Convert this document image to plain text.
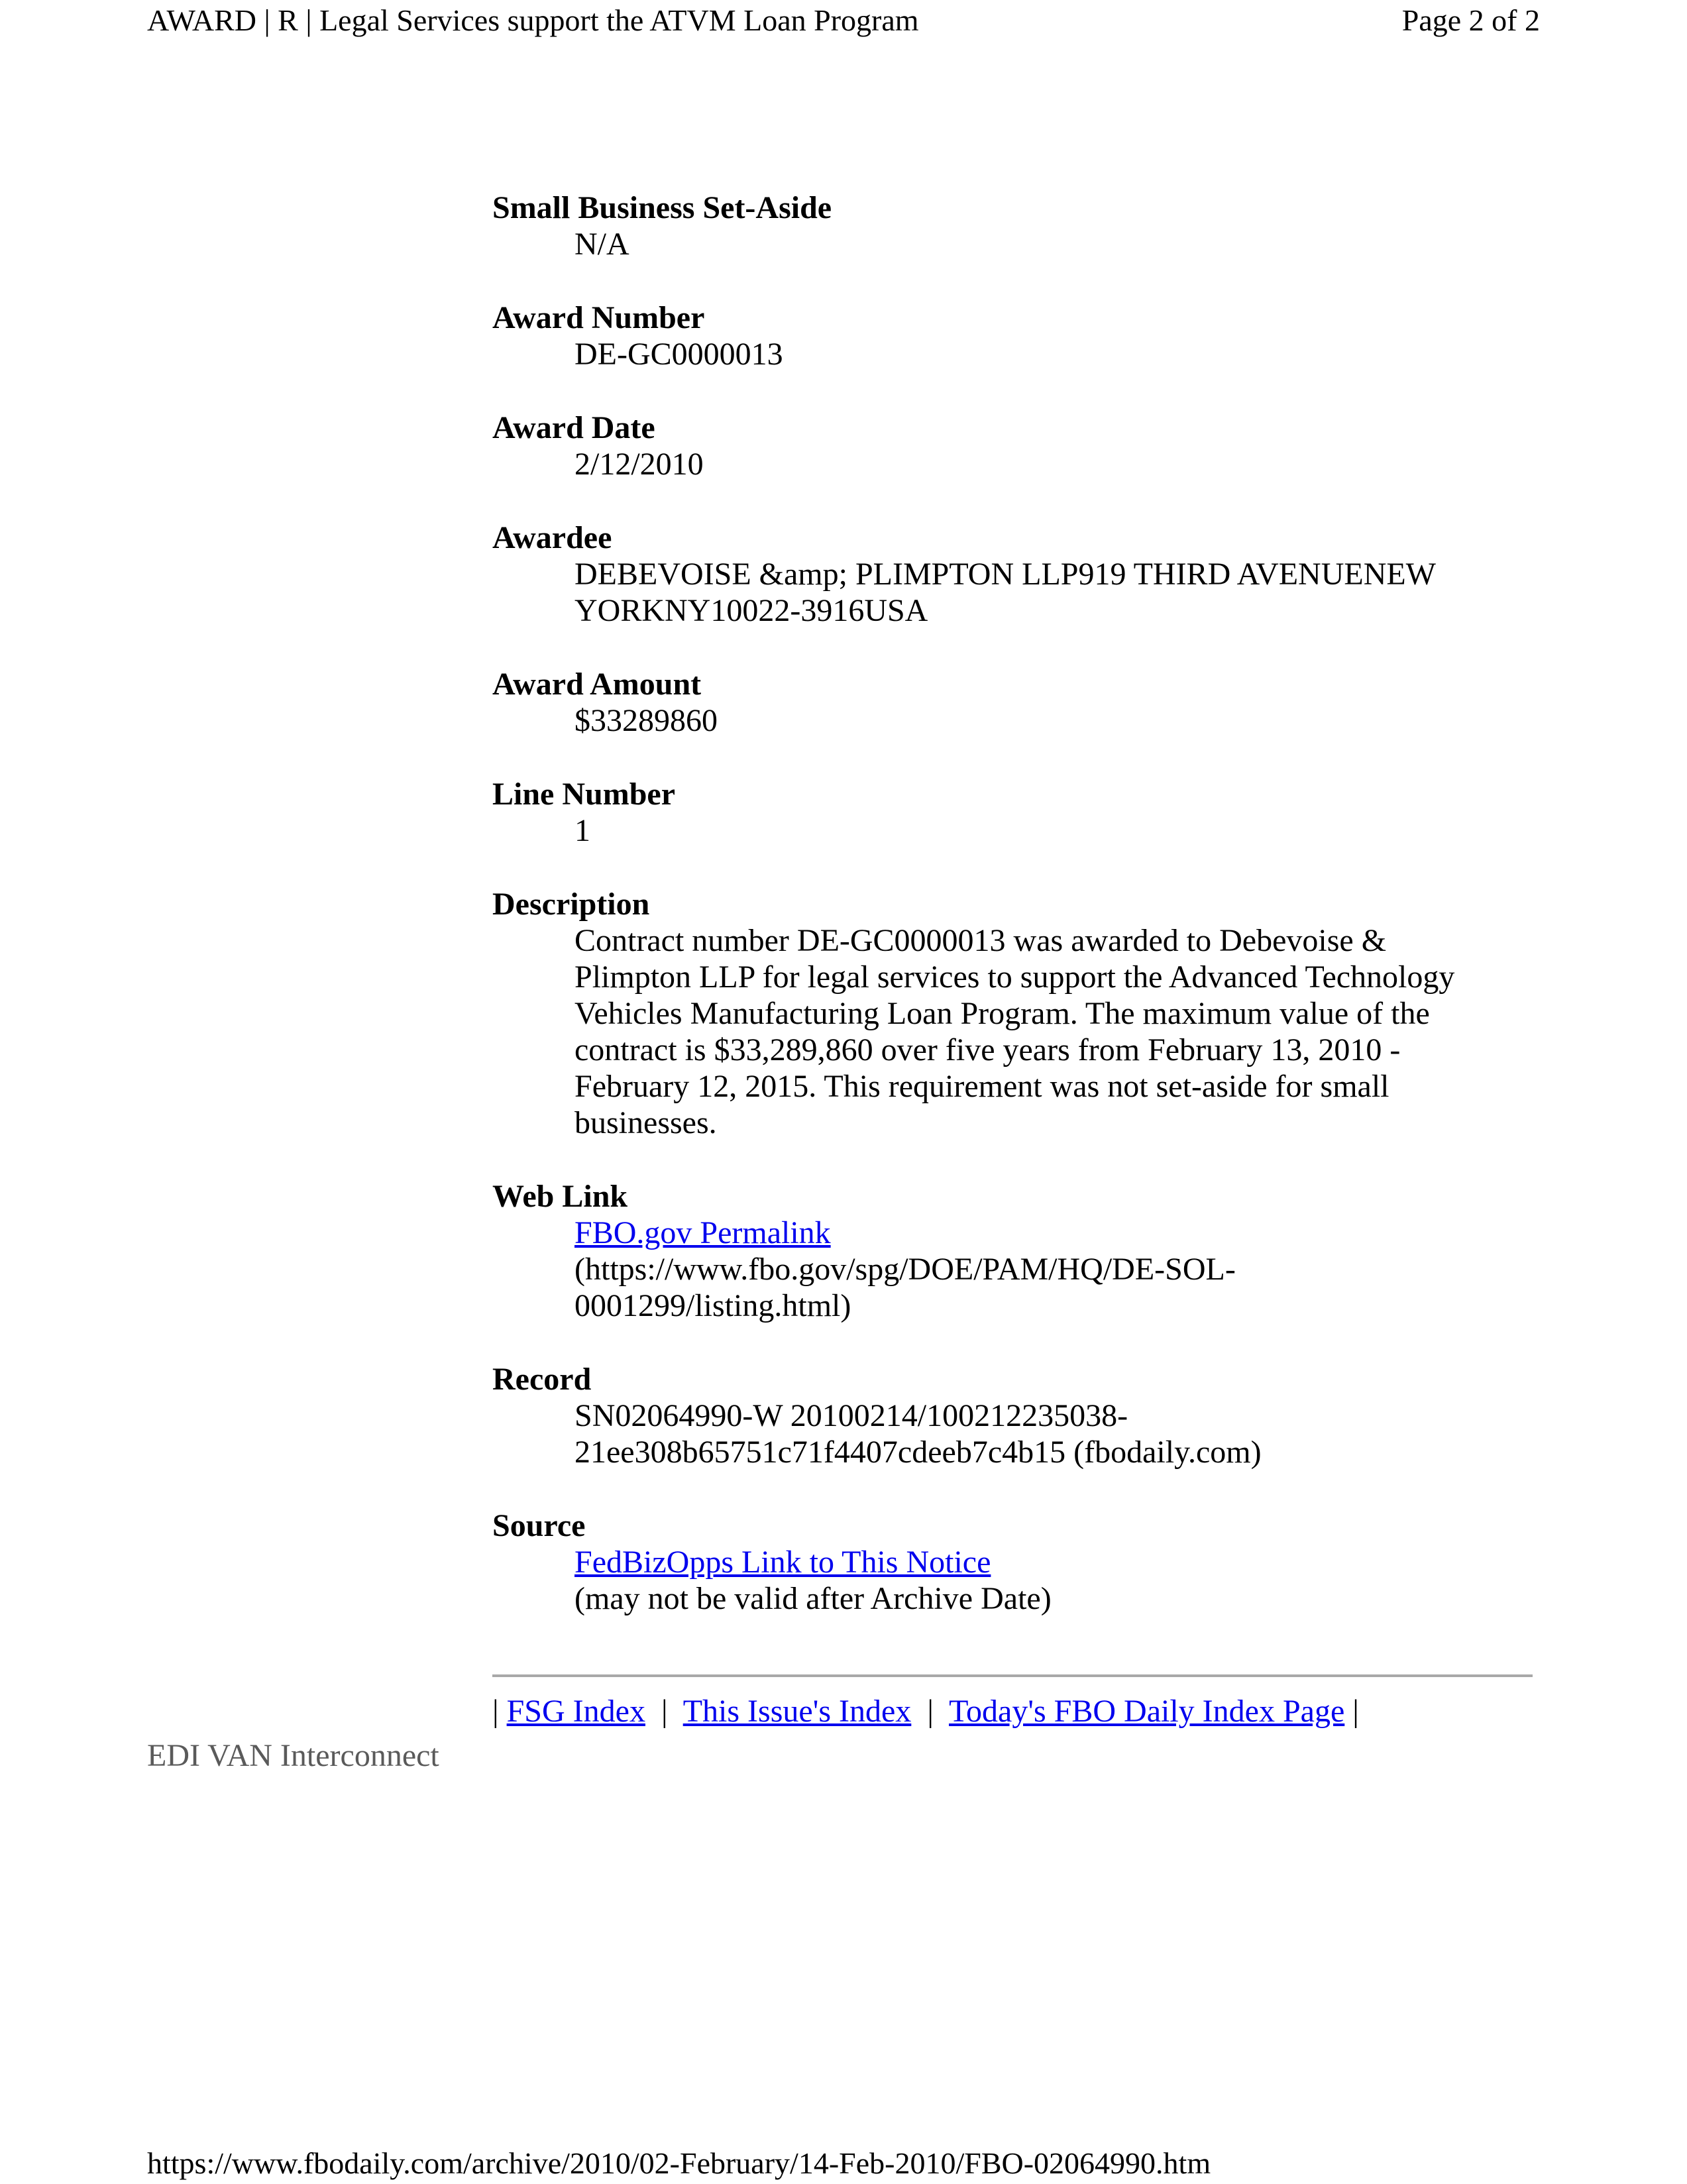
AWARD | R | Legal Services support the ATVM Loan Program	Page 2 of 2
Small Business Set-Aside
N/A
Award Number
DE-GC0000013
Award Date
2/12/2010
Awardee
DEBEVOISE &amp; PLIMPTON LLP919 THIRD AVENUENEW
YORKNY10022-3916USA
Award Amount
$33289860
Line Number
1
Description
Contract number DE-GC0000013 was awarded to Debevoise &
Plimpton LLP for legal services to support the Advanced Technology
Vehicles Manufacturing Loan Program. The maximum value of the
contract is $33,289,860 over five years from February 13, 2010 -
February 12, 2015. This requirement was not set-aside for small
businesses.
Web Link
FBO.gov Permalink
(https://www.fbo.gov/spg/DOE/PAM/HQ/DE-SOL-
0001299/listing.html)
Record
SN02064990-W 20100214/100212235038-
21ee308b65751c71f4407cdeeb7c4b15 (fbodaily.com)
Source
FedBizOpps Link to This Notice
(may not be valid after Archive Date)
| FSG Index  |  This Issue's Index  |  Today's FBO Daily Index Page |
EDI VAN Interconnect
https://www.fbodaily.com/archive/2010/02-February/14-Feb-2010/FBO-02064990.htm
